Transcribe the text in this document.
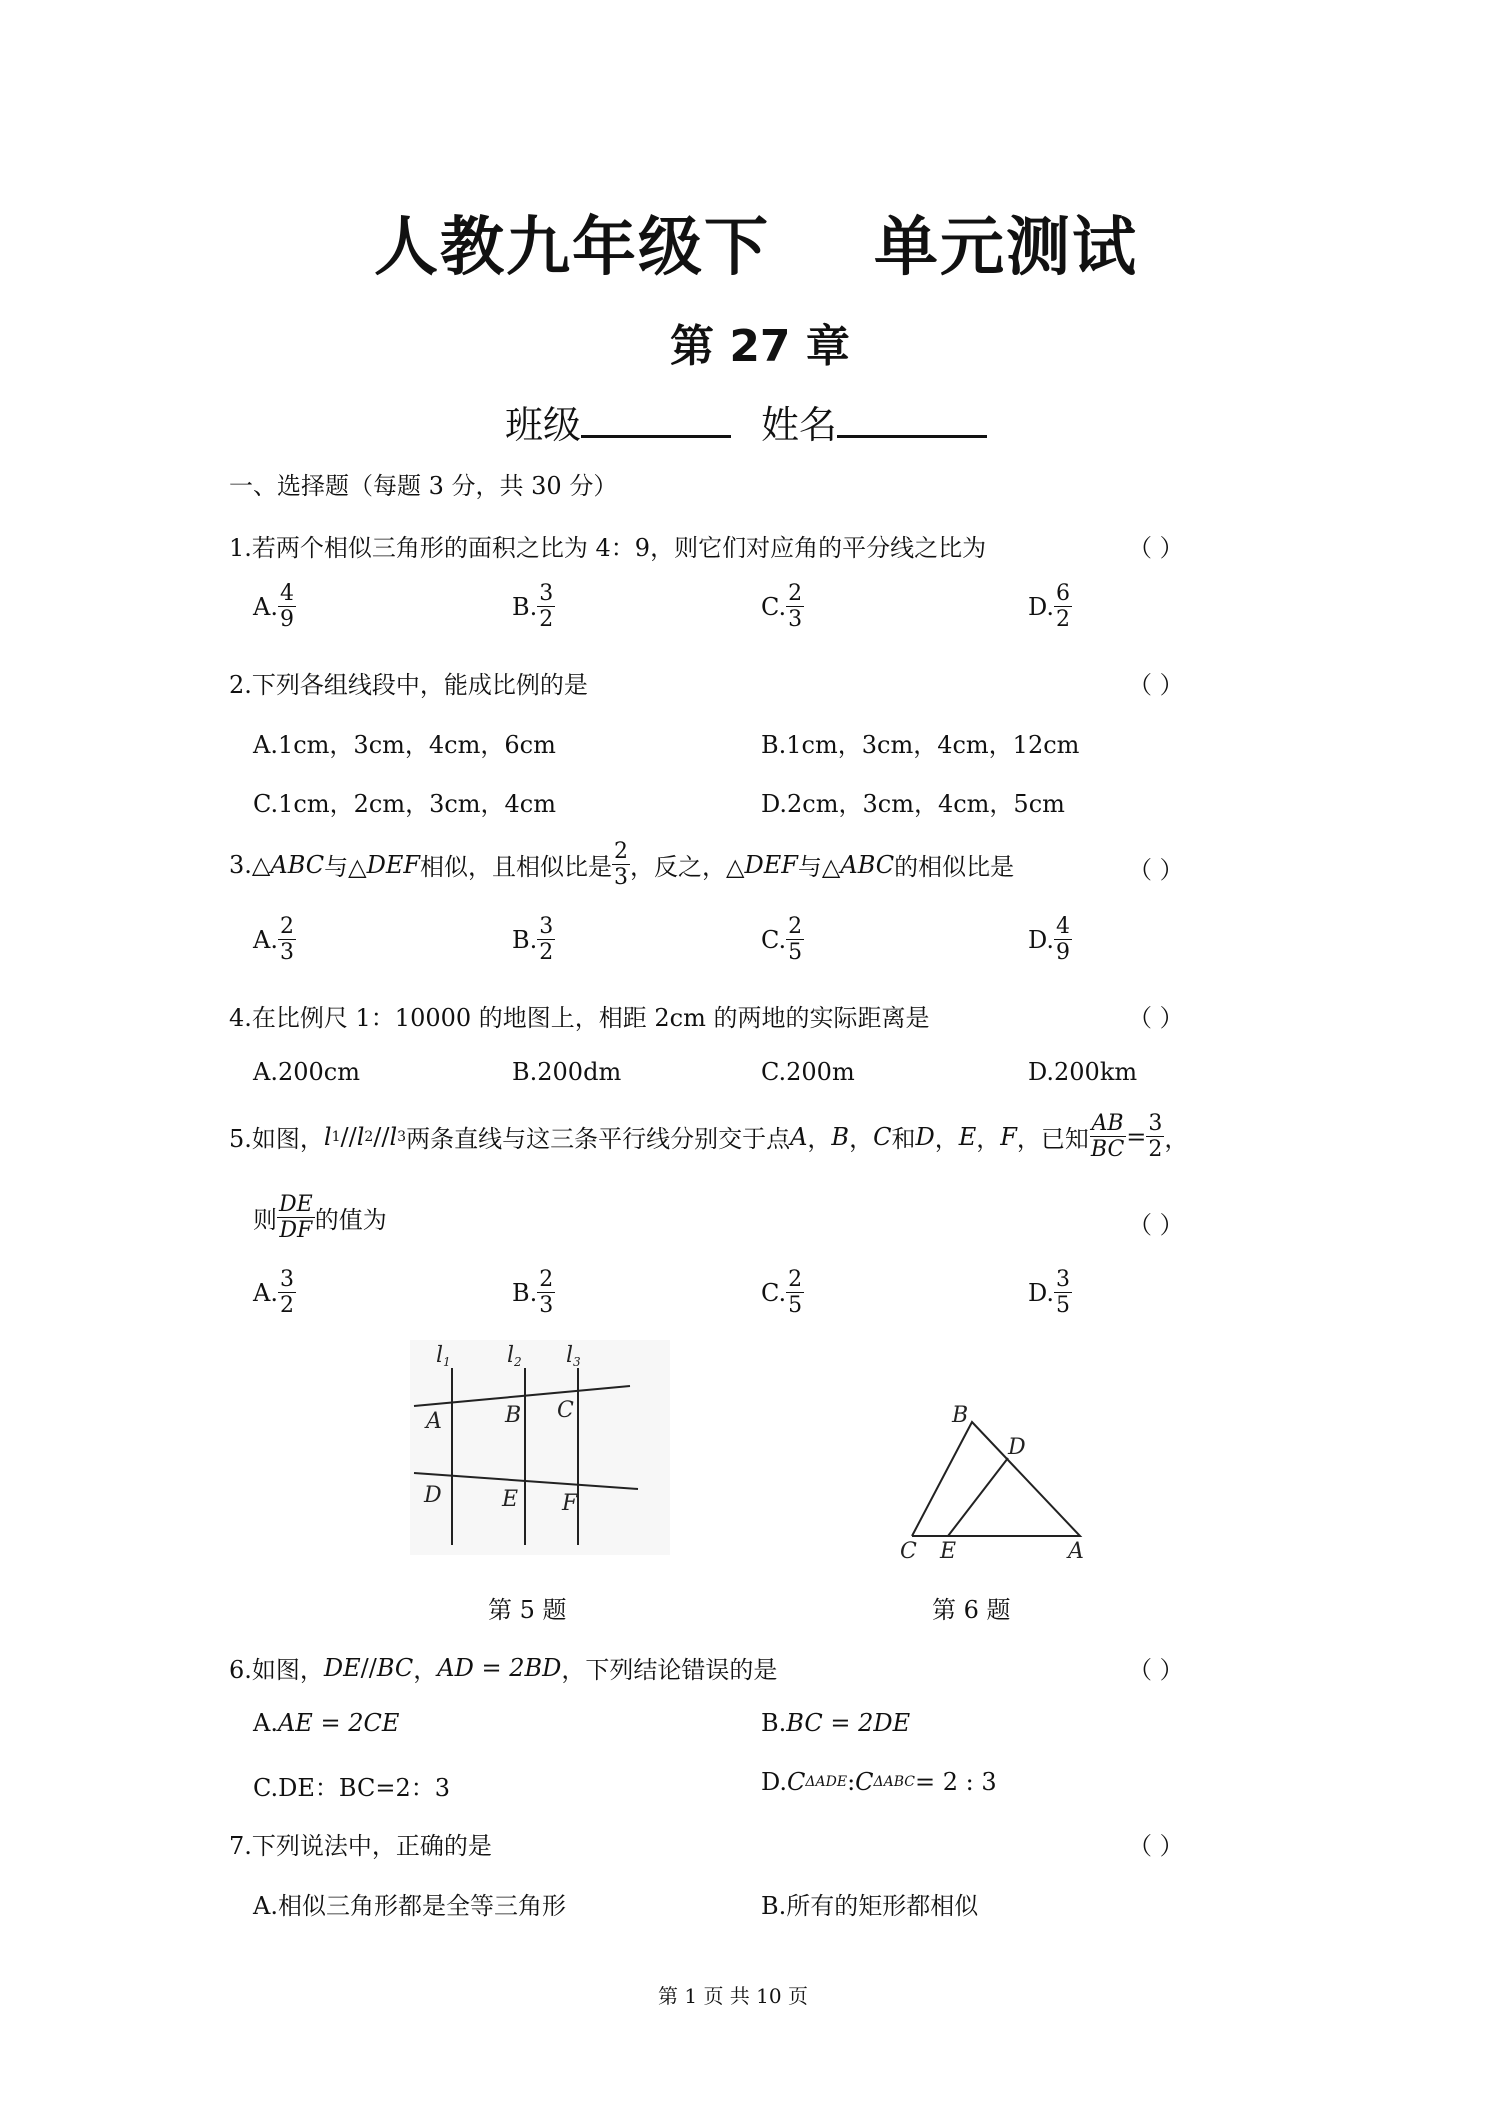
人教九年级下 单元测试
第 27 章
班级	姓名
一、选择题（每题 3 分，共 30 分）
1.若两个相似三角形的面积之比为 4：9，则它们对应角的平分线之比为	（ ）
A. $\frac{4}{9}$	B. $\frac{3}{2}$	C. $\frac{2}{3}$	D. $\frac{6}{2}$
2.下列各组线段中，能成比例的是	（ ）
A.1cm，3cm，4cm，6cm	B.1cm，3cm，4cm，12cm
C.1cm，2cm，3cm，4cm	D.2cm，3cm，4cm，5cm
3.△ ABC 与△ DEF 相似，且相似比是 $\frac{2}{3}$ ，反之，△ DEF 与△ ABC 的相似比是	（ ）
A. $\frac{2}{3}$	B. $\frac{3}{2}$	C. $\frac{2}{5}$	D. $\frac{4}{9}$
4.在比例尺 1：10000 的地图上，相距 2cm 的两地的实际距离是	（ ）
A.200cm	B.200dm	C.200m	D.200km
5.如图， l 1 // l 2 // l 3 两条直线与这三条平行线分别交于点 A ， B ， C 和 D ， E ， F ，已知 $\frac{AB}{BC} = \frac{3}{2}$ ，
则 $\frac{DE}{DF}$ 的值为	（ ）
A. $\frac{3}{2}$	B. $\frac{2}{3}$	C. $\frac{2}{5}$	D. $\frac{3}{5}$
l1	l2 l3
A	B C
D	E F
第 5 题
B
D
C E	A
第 6 题
6.如图， DE // BC ， AD = 2BD ，下列结论错误的是	（ ）
A. AE = 2CE	B. BC = 2DE
C.DE：BC=2：3	D. C ΔADE : C ΔABC = 2 : 3
7.下列说法中，正确的是	（ ）
A.相似三角形都是全等三角形	B.所有的矩形都相似
第 1 页 共 10 页
